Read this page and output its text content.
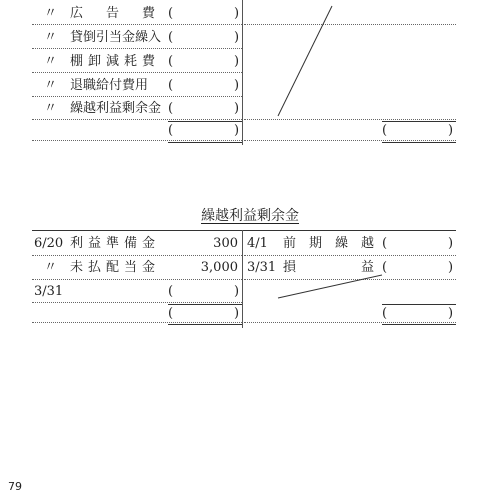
〃 広　告　費 (	)
〃 貸倒引当金繰入 (	)
〃 棚卸減耗費 (	)
〃 退職給付費用 (	)
〃 繰越利益剰余金 (	)
(	)	(	)
繰越利益剰余金
6/20 利益準備金	300 4/1 前　期　繰　越 (	)
〃 未払配当金	3,000 3/31 損　　　　　益 (	)
3/31	(	)
(	)	(	)
79
